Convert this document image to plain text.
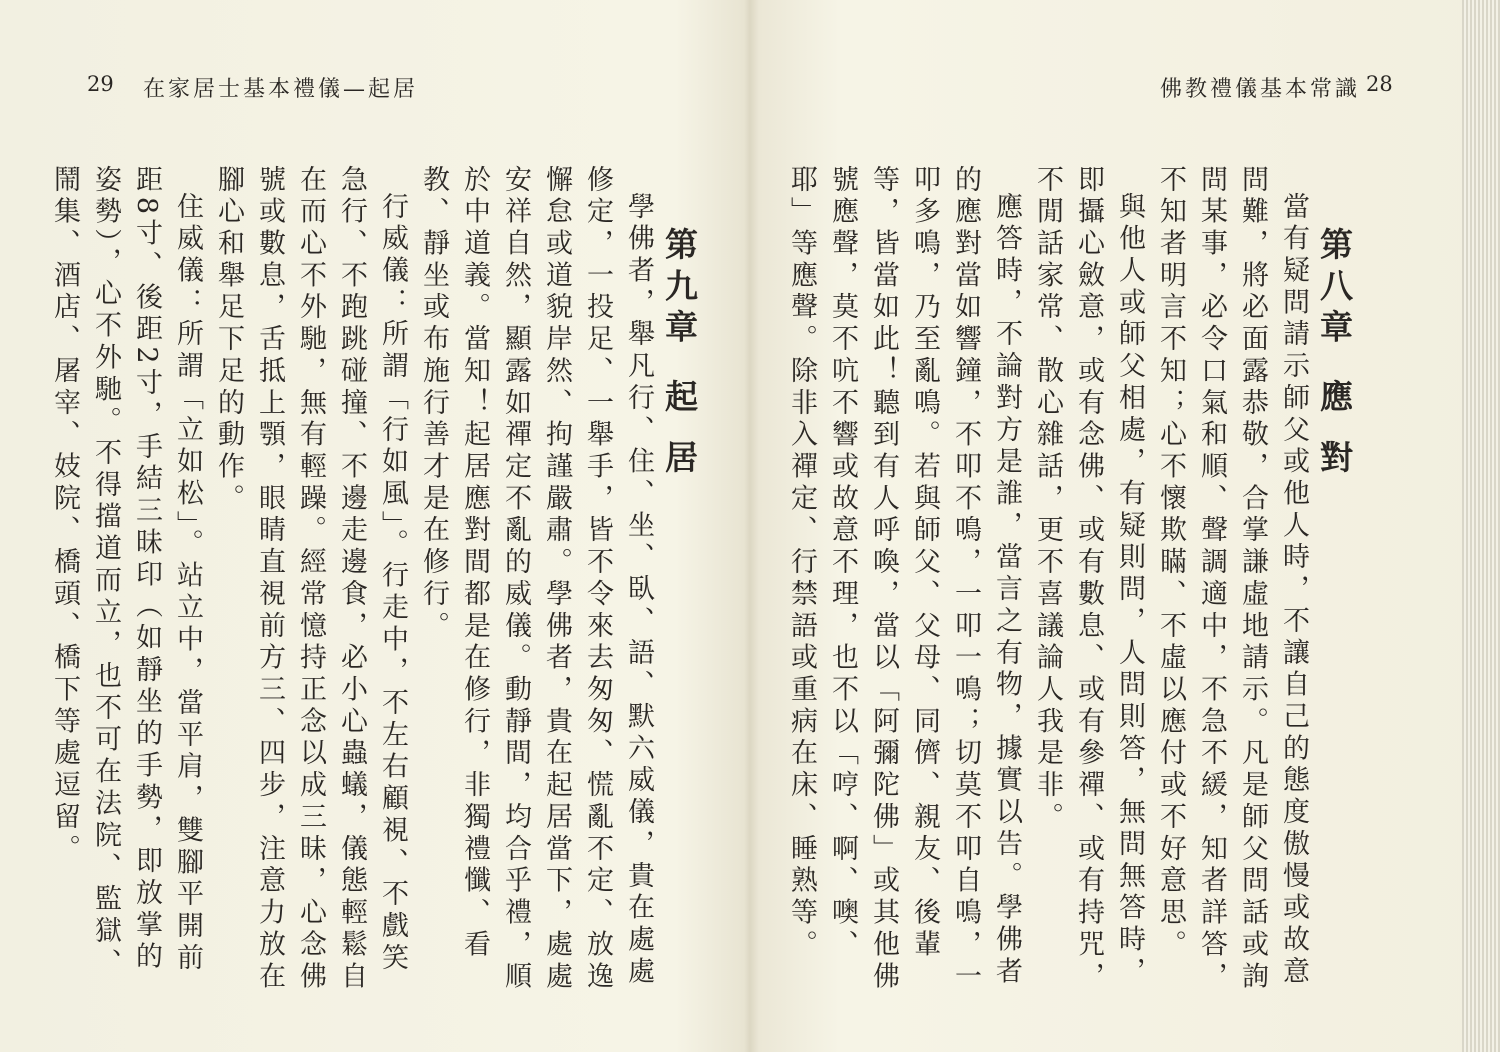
29 在家居士基本禮儀—起居
第九章起 居

學佛者，舉凡行、住、坐、臥、語、默六威儀，貴在處處修定，一投足、一舉手，皆不令來去匆匆、慌亂不定、放逸懈怠或道貌岸然、拘謹嚴肅。學佛者，貴在起居當下，處處安祥自然，顯露如禪定不亂的威儀。動靜間，均合乎禮，順於中道義。當知！起居應對間都是在修行，非獨禮懺、看教、靜坐或布施行善才是在修行。

行威儀：所謂「行如風」。行走中，不左右顧視、不戲笑急行、不跑跳碰撞、不邊走邊食，必小心蟲蟻，儀態輕鬆自在而心不外馳，無有輕躁。經常憶持正念以成三昧，心念佛號或數息，舌抵上顎，眼睛直視前方三、四步，注意力放在腳心和舉足下足的動作。

住威儀：所謂「立如松」。站立中，當平肩，雙腳平開前距8寸、後距2寸，手結三昧印（如靜坐的手勢，即放掌的姿勢），心不外馳。不得擋道而立，也不可在法院、監獄、鬧集、酒店、屠宰、妓院、橋頭、橋下等處逗留。

佛教禮儀基本常識 28
第八章應 對

當有疑問請示師父或他人時，不讓自己的態度傲慢或故意問難，將必面露恭敬，合掌謙虛地請示。凡是師父問話或詢問某事，必令口氣和順、聲調適中，不急不緩，知者詳答，不知者明言不知；心不懷欺瞞、不虛以應付或不好意思。

與他人或師父相處，有疑則問，人問則答，無問無答時，即攝心斂意，或有念佛、或有數息、或有參禪、或有持咒，不閒話家常、散心雜話，更不喜議論人我是非。

應答時，不論對方是誰，當言之有物，據實以告。學佛者的應對當如響鐘，不叩不鳴，一叩一鳴；切莫不叩自鳴，一叩多鳴，乃至亂鳴。若與師父、父母、同儕、親友、後輩等，皆當如此！聽到有人呼喚，當以「阿彌陀佛」或其他佛號應聲，莫不吭不響或故意不理，也不以「哼、啊、噢、耶」等應聲。除非入禪定、行禁語或重病在床、睡熟等。
